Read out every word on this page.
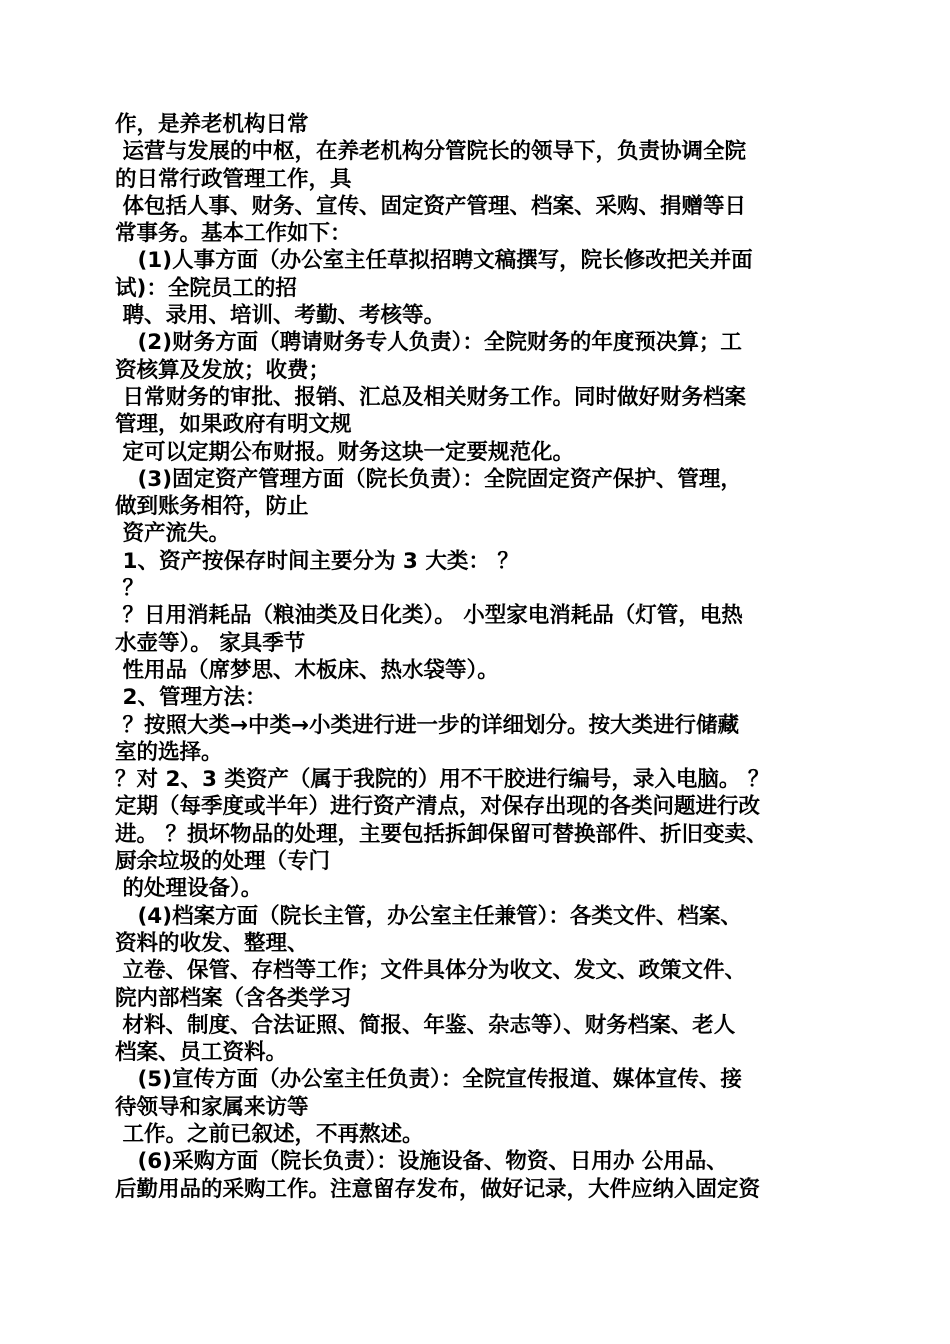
作，是养老机构日常
运营与发展的中枢，在养老机构分管院长的领导下，负责协调全院
的日常行政管理工作，具
体包括人事、财务、宣传、固定资产管理、档案、采购、捐赠等日
常事务。基本工作如下：
(1)人事方面（办公室主任草拟招聘文稿撰写，院长修改把关并面
试)：全院员工的招
聘、录用、培训、考勤、考核等。
(2)财务方面（聘请财务专人负责）：全院财务的年度预决算；工
资核算及发放；收费；
日常财务的审批、报销、汇总及相关财务工作。同时做好财务档案
管理，如果政府有明文规
定可以定期公布财报。财务这块一定要规范化。
(3)固定资产管理方面（院长负责）：全院固定资产保护、管理，
做到账务相符，防止
资产流失。
1、资产按保存时间主要分为 3 大类： ？
？
？日用消耗品（粮油类及日化类）。 小型家电消耗品（灯管，电热
水壶等）。 家具季节
性用品（席梦思、木板床、热水袋等）。
2、管理方法：
？按照大类→中类→小类进行进一步的详细划分。按大类进行储藏
室的选择。
？对 2、3 类资产（属于我院的）用不干胶进行编号，录入电脑。 ？
定期（每季度或半年）进行资产清点，对保存出现的各类问题进行改
进。 ？损坏物品的处理，主要包括拆卸保留可替换部件、折旧变卖、
厨余垃圾的处理（专门
的处理设备）。
(4)档案方面（院长主管，办公室主任兼管）：各类文件、档案、
资料的收发、整理、
立卷、保管、存档等工作；文件具体分为收文、发文、政策文件、
院内部档案（含各类学习
材料、制度、合法证照、简报、年鉴、杂志等）、财务档案、老人
档案、员工资料。
(5)宣传方面（办公室主任负责）：全院宣传报道、媒体宣传、接
待领导和家属来访等
工作。之前已叙述，不再熬述。
(6)采购方面（院长负责）：设施设备、物资、日用办 公用品、
后勤用品的采购工作。注意留存发布，做好记录，大件应纳入固定资
